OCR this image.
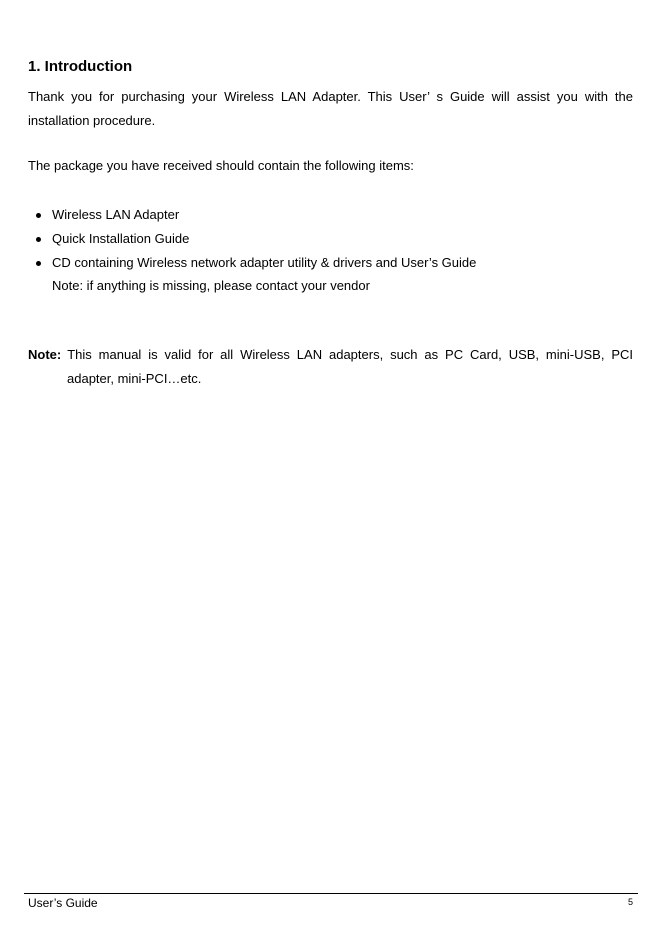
1. Introduction
Thank you for purchasing your Wireless LAN Adapter. This User’ s Guide will assist you with the
installation procedure.

The package you have received should contain the following items:

Wireless LAN Adapter
Quick Installation Guide
CD containing Wireless network adapter utility & drivers and User’s Guide

Note: if anything is missing, please contact your vendor

Note: This manual is valid for all Wireless LAN adapters, such as PC Card, USB, mini-USB, PCI
adapter, mini-PCI…etc.
User’s Guide	5
